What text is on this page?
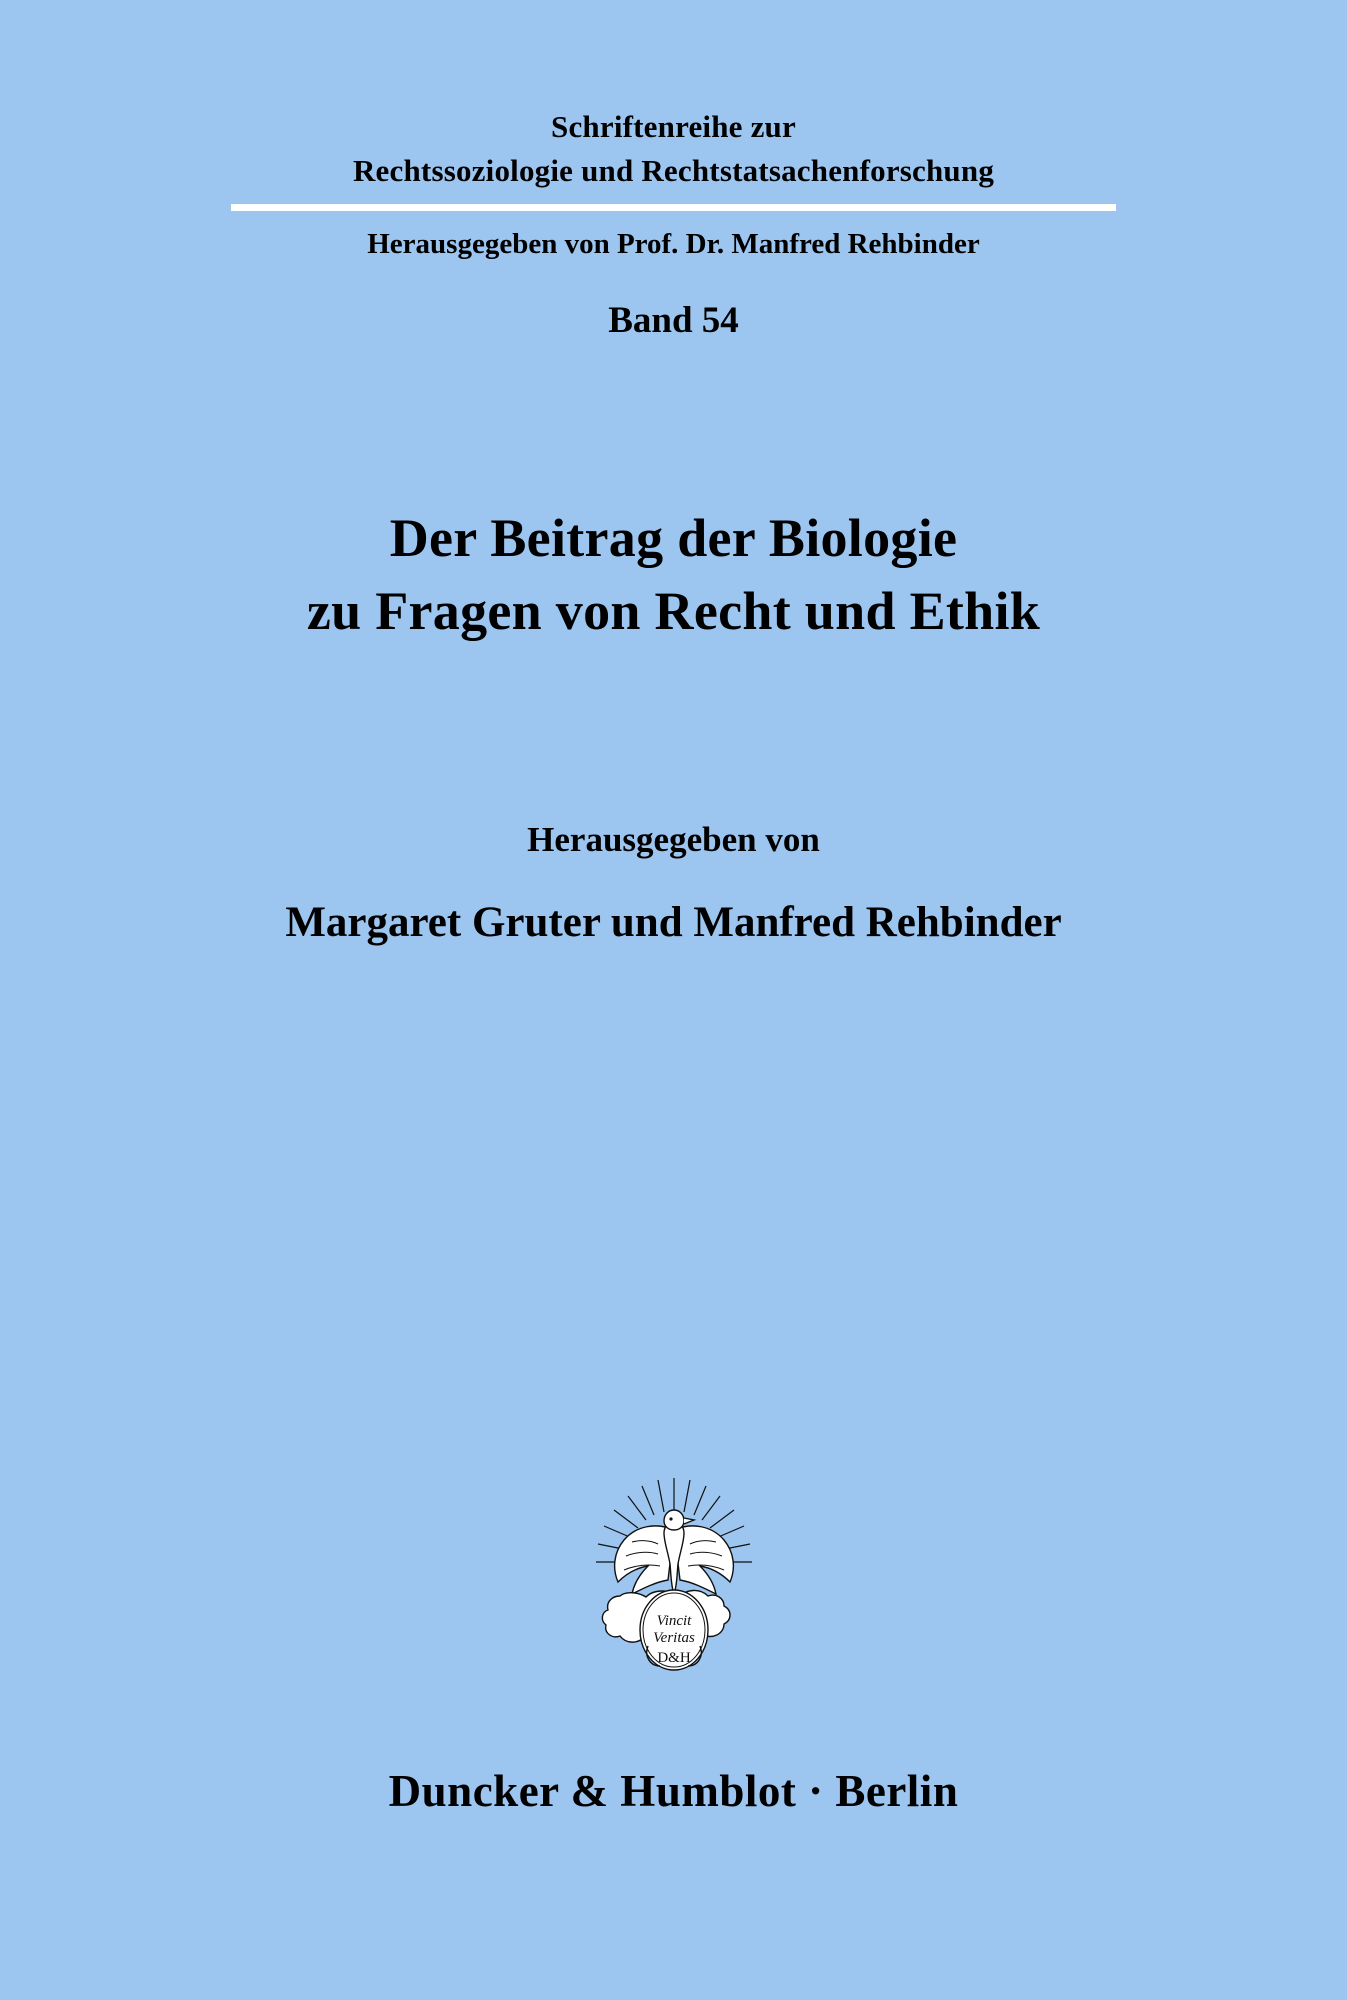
Schriftenreihe zur
Rechtssoziologie und Rechtstatsachenforschung
Herausgegeben von Prof. Dr. Manfred Rehbinder
Band 54
Der Beitrag der Biologie
zu Fragen von Recht und Ethik
Herausgegeben von
Margaret Gruter und Manfred Rehbinder
Vincit
Veritas
D&H
Duncker & Humblot · Berlin
